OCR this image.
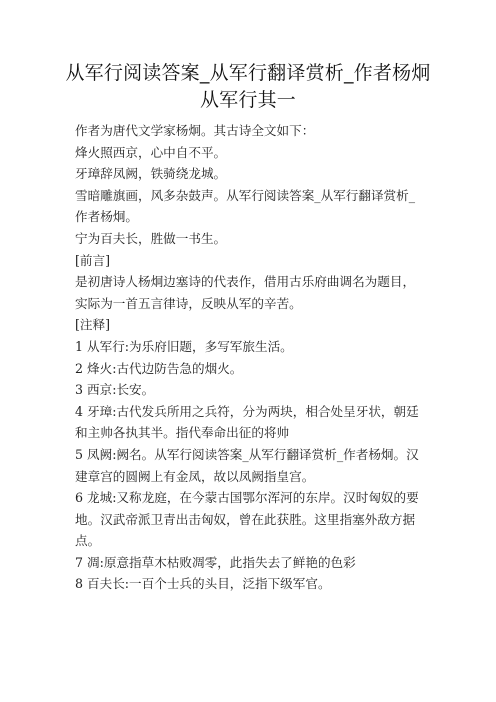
从军行阅读答案_从军行翻译赏析_作者杨炯 从军行其一

作者为唐代文学家杨炯。其古诗全文如下：

烽火照西京，心中自不平。

牙璋辞凤阙，铁骑绕龙城。

雪暗雕旗画，风多杂鼓声。从军行阅读答案_从军行翻译赏析_作者杨炯。

宁为百夫长，胜做一书生。

[前言]

是初唐诗人杨炯边塞诗的代表作，借用古乐府曲调名为题目，实际为一首五言律诗，反映从军的辛苦。

[注释]

1 从军行:为乐府旧题，多写军旅生活。

2 烽火:古代边防告急的烟火。

3 西京:长安。

4 牙璋:古代发兵所用之兵符，分为两块，相合处呈牙状，朝廷和主帅各执其半。指代奉命出征的将帅

5 凤阙:阙名。从军行阅读答案_从军行翻译赏析_作者杨炯。汉建章宫的圆阙上有金凤，故以凤阙指皇宫。

6 龙城:又称龙庭，在今蒙古国鄂尔浑河的东岸。汉时匈奴的要地。汉武帝派卫青出击匈奴，曾在此获胜。这里指塞外敌方据点。

7 凋:原意指草木枯败凋零，此指失去了鲜艳的色彩

8 百夫长:一百个士兵的头目，泛指下级军官。
